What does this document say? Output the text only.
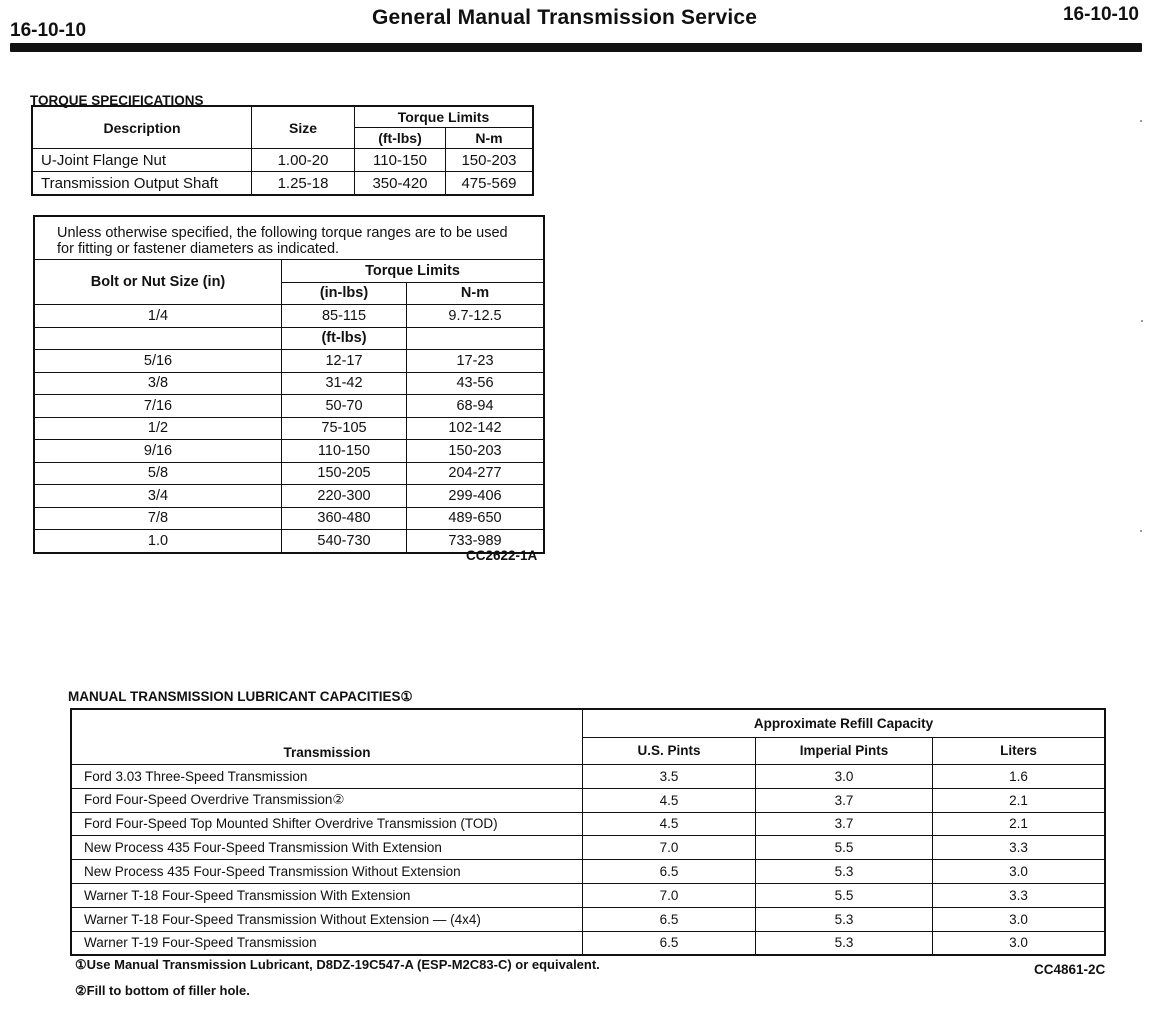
16-10-10
General Manual Transmission Service	16-10-10
TORQUE SPECIFICATIONS
Description	Size	Torque Limits	
		(ft-lbs)	N-m
U-Joint Flange Nut	1.00-20	110-150	150-203
Transmission Output Shaft	1.25-18	350-420	475-569
Unless otherwise specified, the following torque ranges are to be used for fitting or fastener diameters as indicated.
Bolt or Nut Size (in)	Torque Limits	
	(in-lbs)	N-m
1/4	85-115	9.7-12.5
	(ft-lbs)	
5/16	12-17	17-23
3/8	31-42	43-56
7/16	50-70	68-94
1/2	75-105	102-142
9/16	110-150	150-203
5/8	150-205	204-277
3/4	220-300	299-406
7/8	360-480	489-650
1.0	540-730	733-989
CC2622-1A
MANUAL TRANSMISSION LUBRICANT CAPACITIES①
Transmission	Approximate Refill Capacity		
	U.S. Pints	Imperial Pints	Liters
Ford 3.03 Three-Speed Transmission	3.5	3.0	1.6
Ford Four-Speed Overdrive Transmission②	4.5	3.7	2.1
Ford Four-Speed Top Mounted Shifter Overdrive Transmission (TOD)	4.5	3.7	2.1
New Process 435 Four-Speed Transmission With Extension	7.0	5.5	3.3
New Process 435 Four-Speed Transmission Without Extension	6.5	5.3	3.0
Warner T-18 Four-Speed Transmission With Extension	7.0	5.5	3.3
Warner T-18 Four-Speed Transmission Without Extension — (4x4)	6.5	5.3	3.0
Warner T-19 Four-Speed Transmission	6.5	5.3	3.0
①Use Manual Transmission Lubricant, D8DZ-19C547-A (ESP-M2C83-C) or equivalent.
②Fill to bottom of filler hole.
CC4861-2C
